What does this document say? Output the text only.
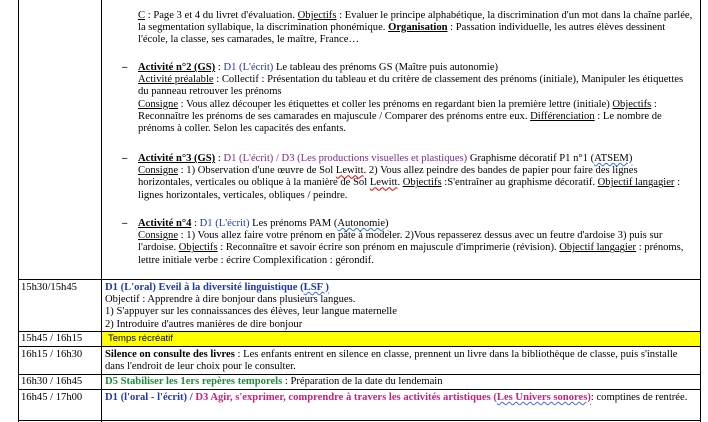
C : Page 3 et 4 du livret d'évaluation. Objectifs : Evaluer le principe alphabétique, la discrimination d'un mot dans la chaîne parlée, la segmentation syllabique, la discrimination phonémique. Organisation : Passation individuelle, les autres élèves dessinent l'école, la classe, ses camarades, le maître, France…
– Activité n°2 (GS) : D1 (L'écrit) Le tableau des prénoms GS (Maître puis autonomie)
Activité préalable : Collectif : Présentation du tableau et du critère de classement des prénoms (initiale), Manipuler les étiquettes du panneau retrouver les prénoms
Consigne : Vous allez découper les étiquettes et coller les prénoms en regardant bien la première lettre (initiale) Objectifs : Reconnaître les prénoms de ses camarades en majuscule / Comparer des prénoms entre eux. Différenciation : Le nombre de prénoms à coller. Selon les capacités des enfants.
– Activité n°3 (GS) : D1 (L'écrit) / D3 (Les productions visuelles et plastiques) Graphisme décoratif P1 n°1 (ATSEM)
Consigne : 1) Observation d'une œuvre de Sol Lewitt. 2) Vous allez peindre des bandes de papier pour faire des lignes horizontales, verticales ou oblique à la manière de Sol Lewitt. Objectifs :S'entraîner au graphisme décoratif. Objectif langagier : lignes horizontales, verticales, obliques / peindre.
– Activité n°4 : D1 (L'écrit) Les prénoms PAM (Autonomie)
Consigne : 1) Vous allez faire votre prénom en pâte à modeler. 2)Vous repasserez dessus avec un feutre d'ardoise 3) puis sur l'ardoise. Objectifs : Reconnaître et savoir écrire son prénom en majuscule d'imprimerie (révision). Objectif langagier : prénoms, lettre initiale verbe : écrire Complexification : gérondif.
15h30/15h45	D1 (L'oral) Eveil à la diversité linguistique (LSF )
Objectif : Apprendre à dire bonjour dans plusieurs langues.
1) S'appuyer sur les connaissances des élèves, leur langue maternelle
2) Introduire d'autres manières de dire bonjour
15h45 / 16h15	Temps récréatif
16h15 / 16h30	Silence on consulte des livres : Les enfants entrent en silence en classe, prennent un livre dans la bibliothèque de classe, puis s'installe dans l'endroit de leur choix pour le consulter.
16h30 / 16h45	D5 Stabiliser les 1ers repères temporels : Préparation de la date du lendemain
16h45 / 17h00	D1 (l'oral - l'écrit) / D3 Agir, s'exprimer, comprendre à travers les activités artistiques (Les Univers sonores): comptines de rentrée.
